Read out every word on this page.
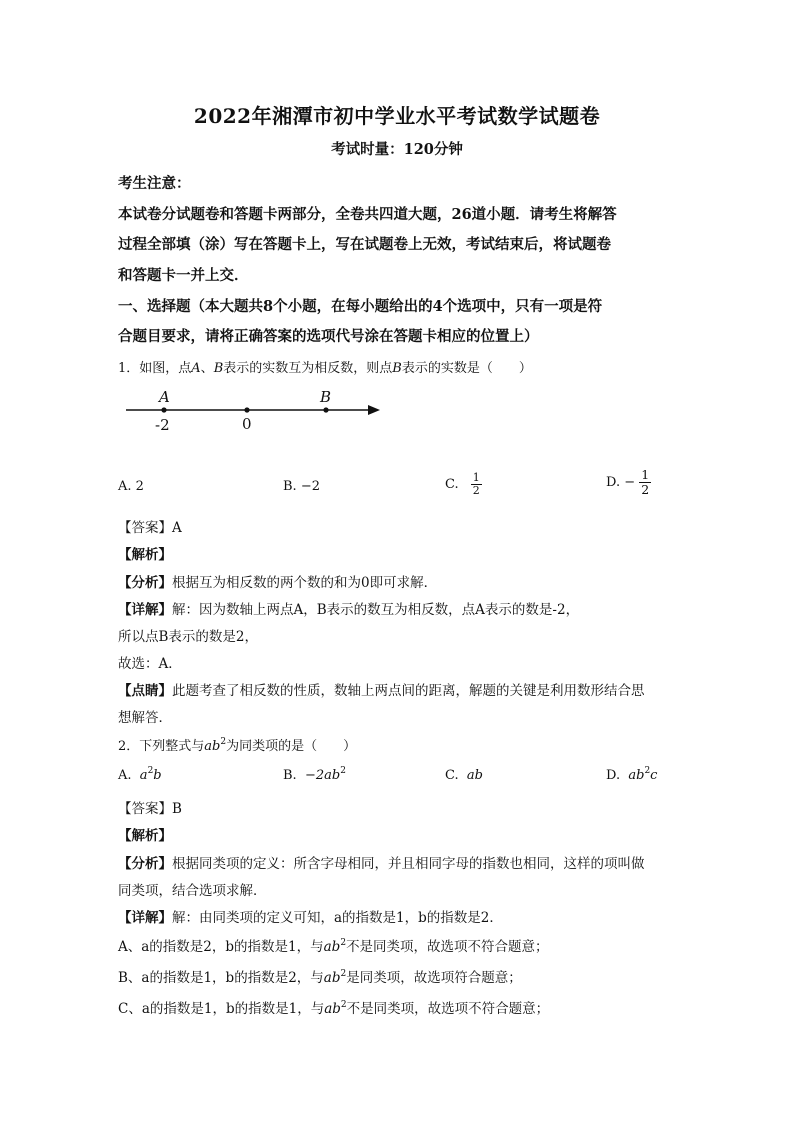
2022年湘潭市初中学业水平考试数学试题卷
考试时量：120分钟
考生注意：
本试卷分试题卷和答题卡两部分，全卷共四道大题，26道小题．请考生将解答
过程全部填（涂）写在答题卡上，写在试题卷上无效，考试结束后，将试题卷
和答题卡一并上交．
一、选择题（本大题共8个小题，在每小题给出的4个选项中，只有一项是符
合题目要求，请将正确答案的选项代号涂在答题卡相应的位置上）
1．如图，点A、B表示的实数互为相反数，则点B表示的实数是（　　）
A	B
-2	0
A. 2	B. −2	C. $\frac{1}{2}$	D. − $\frac{1}{2}$
【答案】A
【解析】
【分析】根据互为相反数的两个数的和为0即可求解．
【详解】解：因为数轴上两点A，B表示的数互为相反数，点A表示的数是-2，
所以点B表示的数是2，
故选：A．
【点睛】此题考查了相反数的性质，数轴上两点间的距离，解题的关键是利用数形结合思
想解答．
2．下列整式与$ab^2$为同类项的是（　　）
A. $a^2b$	B. $-2ab^2$	C. ab	D. $ab^2c$
【答案】B
【解析】
【分析】根据同类项的定义：所含字母相同，并且相同字母的指数也相同，这样的项叫做
同类项，结合选项求解．
【详解】解：由同类项的定义可知，a的指数是1，b的指数是2．
A、a的指数是2，b的指数是1，与$ab^2$不是同类项，故选项不符合题意；
B、a的指数是1，b的指数是2，与$ab^2$是同类项，故选项符合题意；
C、a的指数是1，b的指数是1，与$ab^2$不是同类项，故选项不符合题意；
